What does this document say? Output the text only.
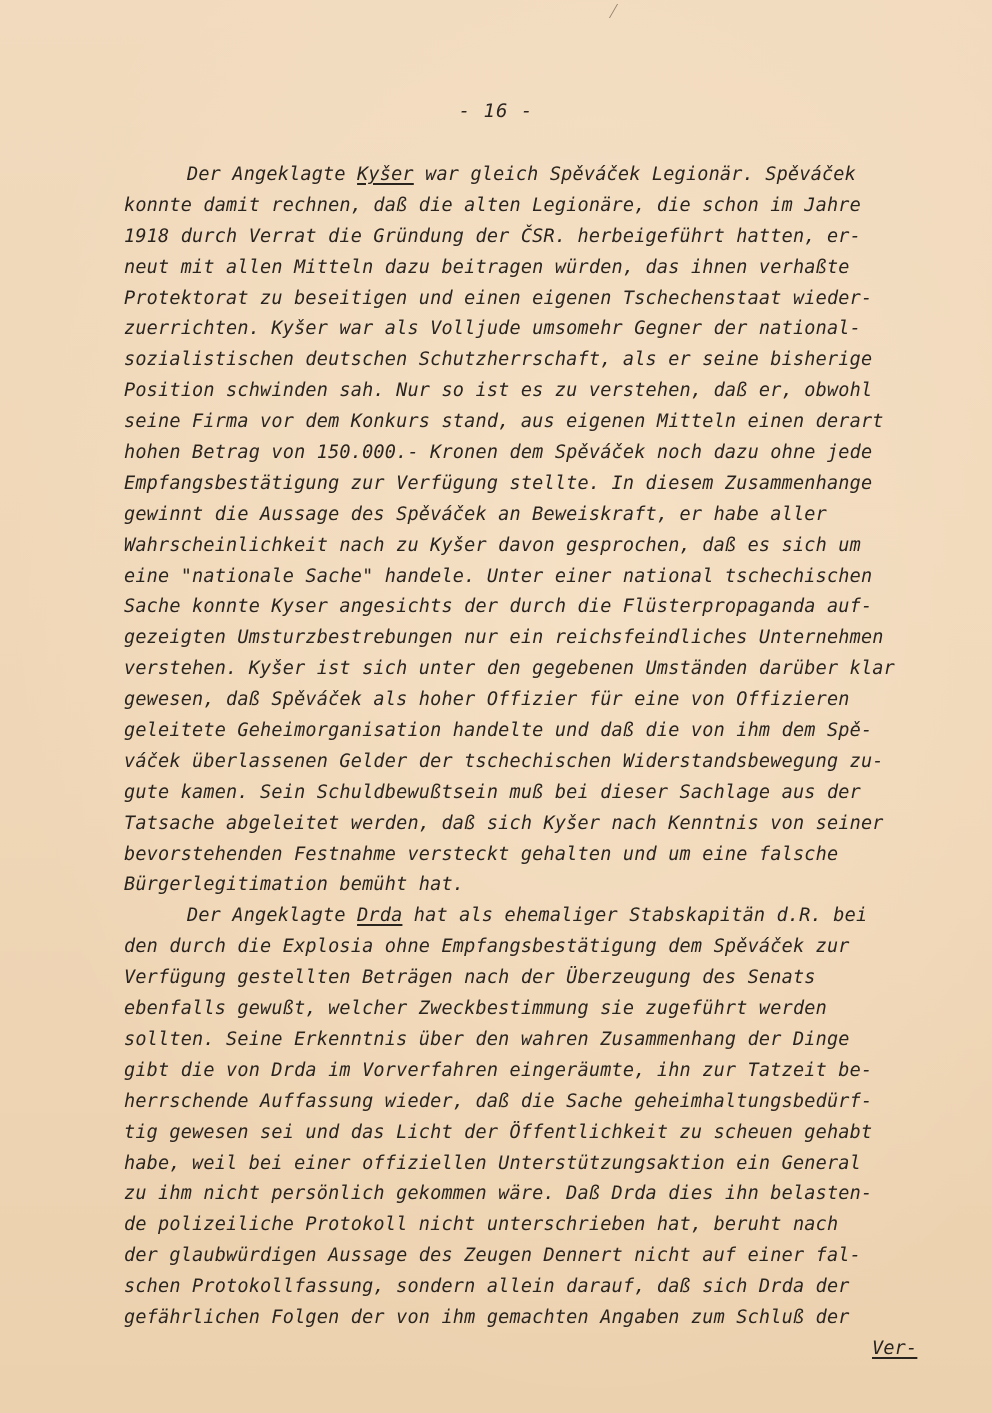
- 16 -
Der Angeklagte Kyšer war gleich Spěváček Legionär. Spěváček
konnte damit rechnen, daß die alten Legionäre, die schon im Jahre
1918 durch Verrat die Gründung der ČSR. herbeigeführt hatten, er-
neut mit allen Mitteln dazu beitragen würden, das ihnen verhaßte
Protektorat zu beseitigen und einen eigenen Tschechenstaat wieder-
zuerrichten. Kyšer war als Volljude umsomehr Gegner der national-
sozialistischen deutschen Schutzherrschaft, als er seine bisherige
Position schwinden sah. Nur so ist es zu verstehen, daß er, obwohl
seine Firma vor dem Konkurs stand, aus eigenen Mitteln einen derart
hohen Betrag von 150.000.- Kronen dem Spěváček noch dazu ohne jede
Empfangsbestätigung zur Verfügung stellte. In diesem Zusammenhange
gewinnt die Aussage des Spěváček an Beweiskraft, er habe aller
Wahrscheinlichkeit nach zu Kyšer davon gesprochen, daß es sich um
eine "nationale Sache" handele. Unter einer national tschechischen
Sache konnte Kyser angesichts der durch die Flüsterpropaganda auf-
gezeigten Umsturzbestrebungen nur ein reichsfeindliches Unternehmen
verstehen. Kyšer ist sich unter den gegebenen Umständen darüber klar
gewesen, daß Spěváček als hoher Offizier für eine von Offizieren
geleitete Geheimorganisation handelte und daß die von ihm dem Spě-
váček überlassenen Gelder der tschechischen Widerstandsbewegung zu-
gute kamen. Sein Schuldbewußtsein muß bei dieser Sachlage aus der
Tatsache abgeleitet werden, daß sich Kyšer nach Kenntnis von seiner
bevorstehenden Festnahme versteckt gehalten und um eine falsche
Bürgerlegitimation bemüht hat.
Der Angeklagte Drda hat als ehemaliger Stabskapitän d.R. bei
den durch die Explosia ohne Empfangsbestätigung dem Spěváček zur
Verfügung gestellten Beträgen nach der Überzeugung des Senats
ebenfalls gewußt, welcher Zweckbestimmung sie zugeführt werden
sollten. Seine Erkenntnis über den wahren Zusammenhang der Dinge
gibt die von Drda im Vorverfahren eingeräumte, ihn zur Tatzeit be-
herrschende Auffassung wieder, daß die Sache geheimhaltungsbedürf-
tig gewesen sei und das Licht der Öffentlichkeit zu scheuen gehabt
habe, weil bei einer offiziellen Unterstützungsaktion ein General
zu ihm nicht persönlich gekommen wäre. Daß Drda dies ihn belasten-
de polizeiliche Protokoll nicht unterschrieben hat, beruht nach
der glaubwürdigen Aussage des Zeugen Dennert nicht auf einer fal-
schen Protokollfassung, sondern allein darauf, daß sich Drda der
gefährlichen Folgen der von ihm gemachten Angaben zum Schluß der
Ver-
